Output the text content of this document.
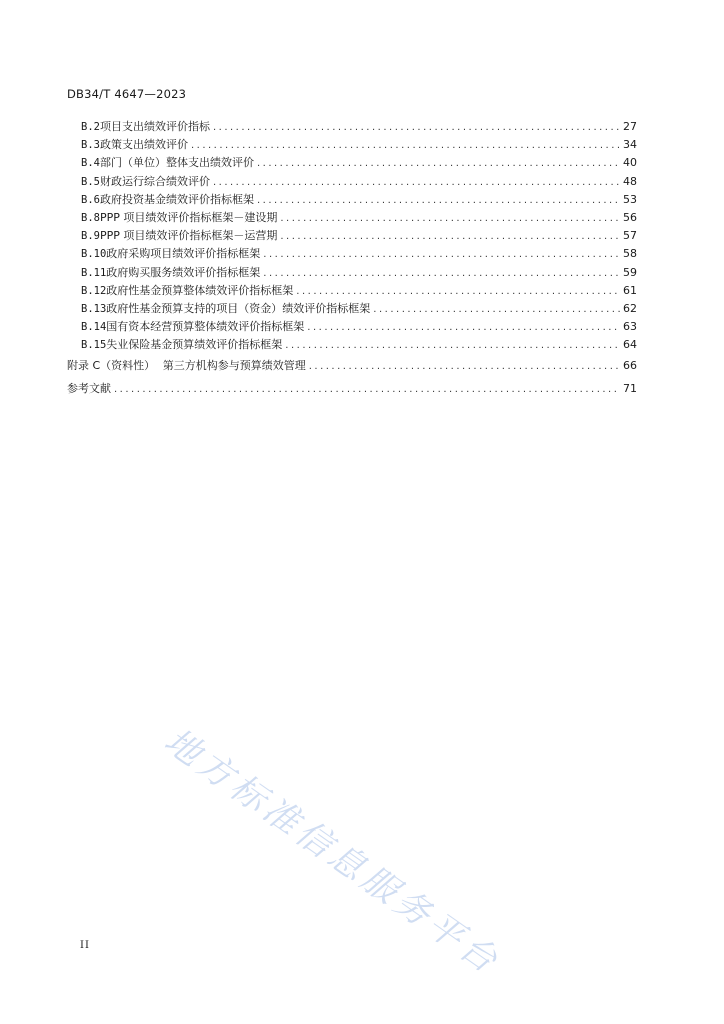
DB34/T 4647—2023
B.2 项目支出绩效评价指标 .....	27
B.3 政策支出绩效评价 .....	34
B.4 部门（单位）整体支出绩效评价 .....	40
B.5 财政运行综合绩效评价 .....	48
B.6 政府投资基金绩效评价指标框架 .....	53
B.8 PPP 项目绩效评价指标框架－建设期 .....	56
B.9 PPP 项目绩效评价指标框架－运营期 .....	57
B.10 政府采购项目绩效评价指标框架 .....	58
B.11 政府购买服务绩效评价指标框架 .....	59
B.12 政府性基金预算整体绩效评价指标框架 .....	61
B.13 政府性基金预算支持的项目（资金）绩效评价指标框架 .....	62
B.14 国有资本经营预算整体绩效评价指标框架 .....	63
B.15 失业保险基金预算绩效评价指标框架 .....	64
附录 C（资料性） 第三方机构参与预算绩效管理 .....	66
参考文献 .....	71
地方标准信息服务平台
II
